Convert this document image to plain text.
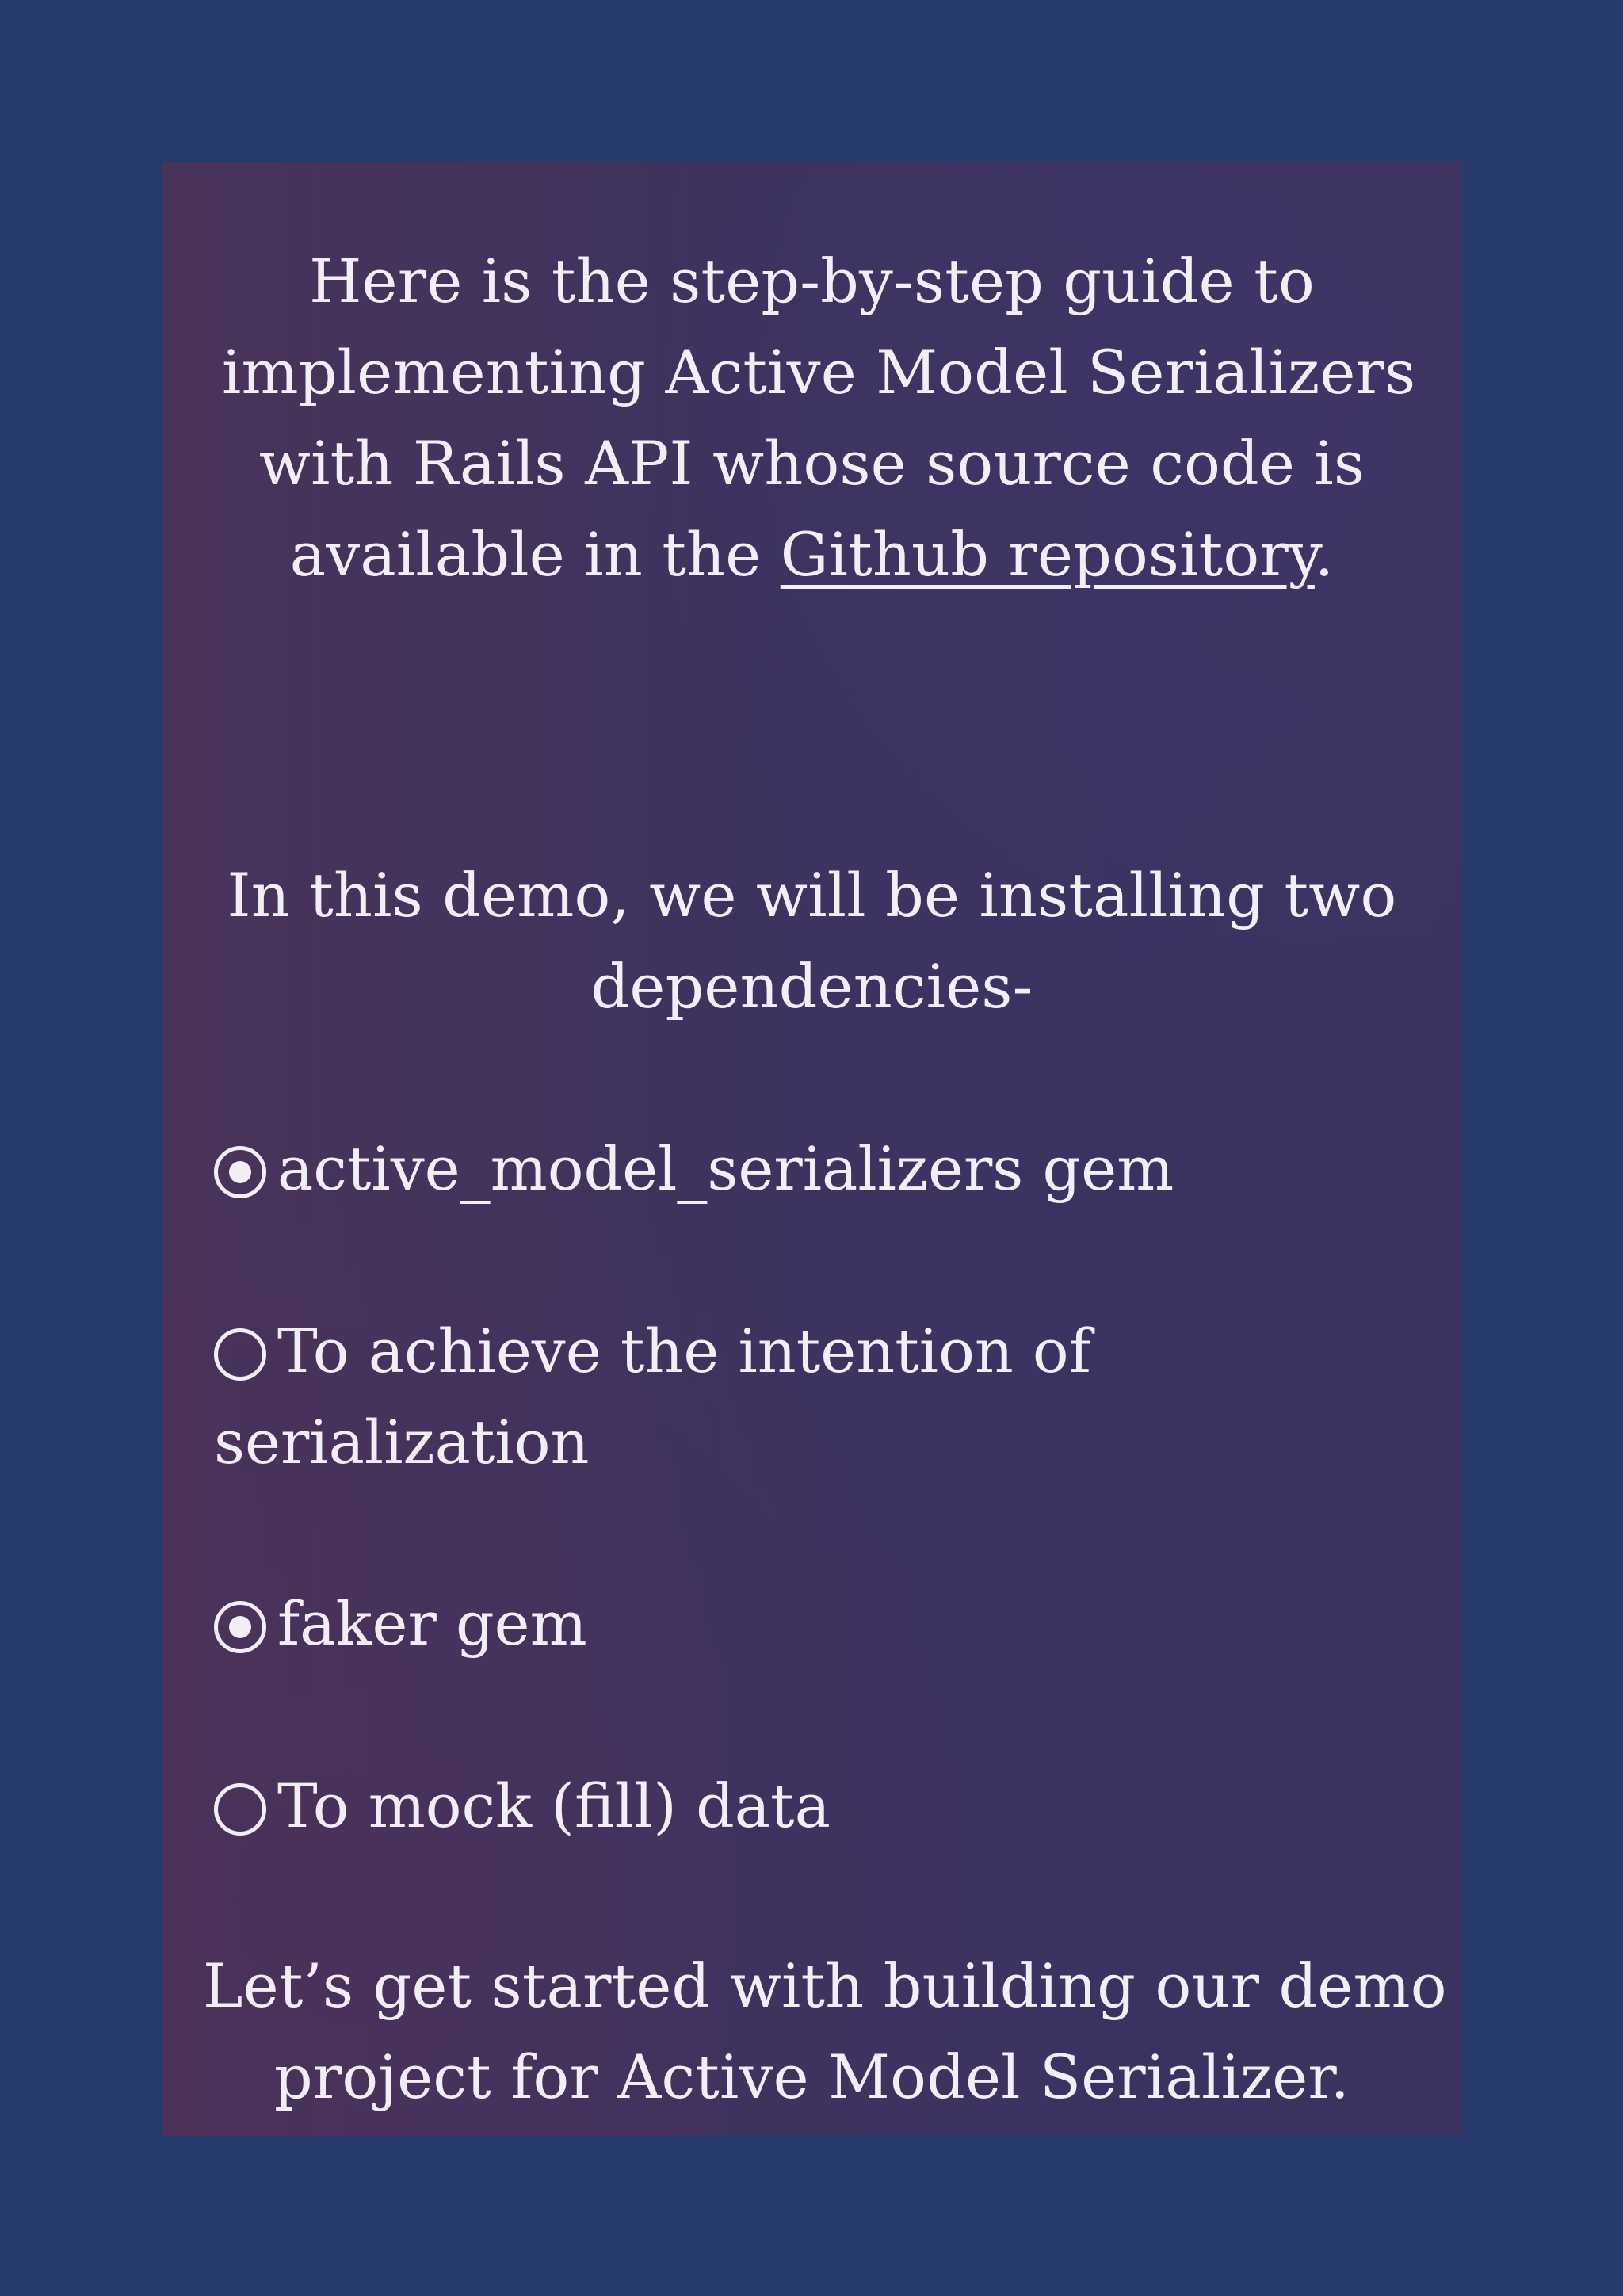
Here is the step-by-step guide to
implementing Active Model Serializers
with Rails API whose source code is
available in the Github repository.
In this demo, we will be installing two
dependencies-
active_model_serializers gem
To achieve the intention of
serialization
faker gem
To mock (fill) data
Let’s get started with building our demo
project for Active Model Serializer.
